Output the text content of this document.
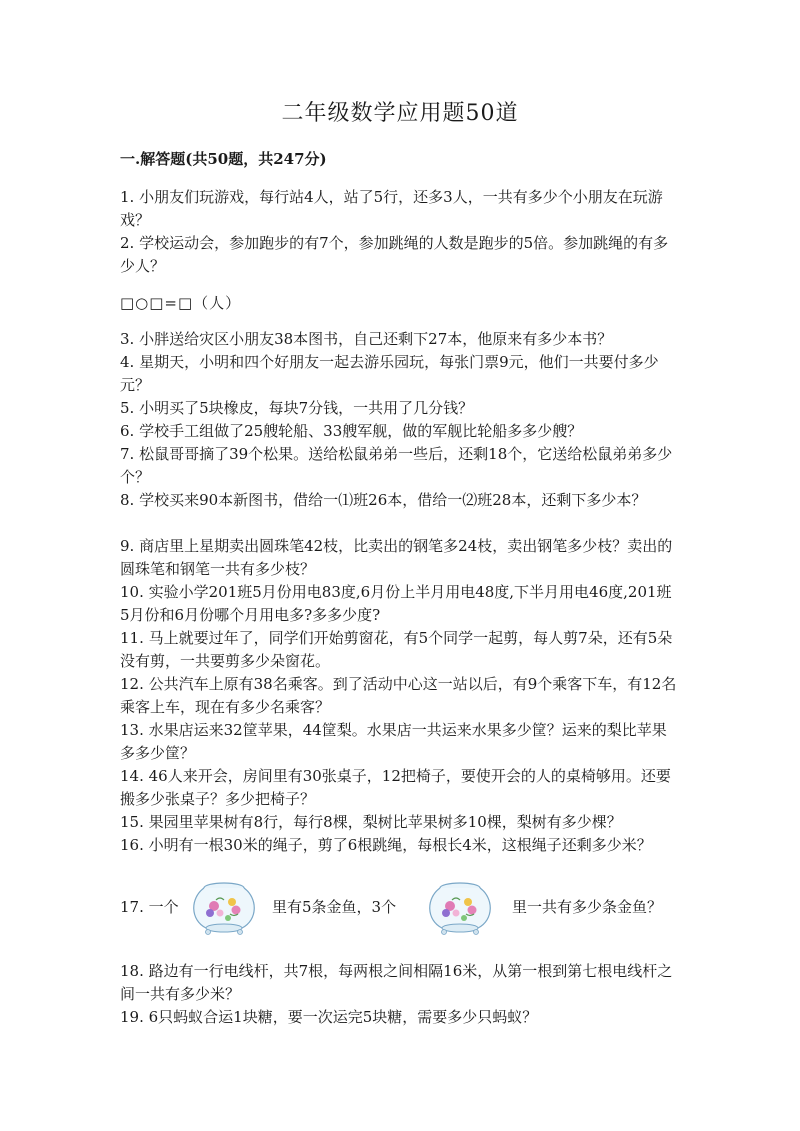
二年级数学应用题50道

一.解答题(共50题，共247分)

1. 小朋友们玩游戏，每行站4人，站了5行，还多3人，一共有多少个小朋友在玩游戏？

2. 学校运动会，参加跑步的有7个，参加跳绳的人数是跑步的5倍。参加跳绳的有多少人？

□○□=□（人）

3. 小胖送给灾区小朋友38本图书，自己还剩下27本，他原来有多少本书？

4. 星期天，小明和四个好朋友一起去游乐园玩，每张门票9元，他们一共要付多少元？

5. 小明买了5块橡皮，每块7分钱，一共用了几分钱？

6. 学校手工组做了25艘轮船、33艘军舰，做的军舰比轮船多多少艘？

7. 松鼠哥哥摘了39个松果。送给松鼠弟弟一些后，还剩18个，它送给松鼠弟弟多少个？

8. 学校买来90本新图书，借给一⑴班26本，借给一⑵班28本，还剩下多少本？

9. 商店里上星期卖出圆珠笔42枝，比卖出的钢笔多24枝，卖出钢笔多少枝？卖出的圆珠笔和钢笔一共有多少枝？

10. 实验小学201班5月份用电83度,6月份上半月用电48度,下半月用电46度,201班5月份和6月份哪个月用电多?多多少度?

11. 马上就要过年了，同学们开始剪窗花，有5个同学一起剪，每人剪7朵，还有5朵没有剪，一共要剪多少朵窗花。

12. 公共汽车上原有38名乘客。到了活动中心这一站以后，有9个乘客下车，有12名乘客上车，现在有多少名乘客？

13. 水果店运来32筐苹果，44筐梨。水果店一共运来水果多少筐？运来的梨比苹果多多少筐？

14. 46人来开会，房间里有30张桌子，12把椅子，要使开会的人的桌椅够用。还要搬多少张桌子？多少把椅子？

15. 果园里苹果树有8行，每行8棵，梨树比苹果树多10棵，梨树有多少棵？

16. 小明有一根30米的绳子，剪了6根跳绳，每根长4米，这根绳子还剩多少米？

17. 一个	里有5条金鱼，3个	里一共有多少条金鱼？

18. 路边有一行电线杆，共7根，每两根之间相隔16米，从第一根到第七根电线杆之间一共有多少米？

19. 6只蚂蚁合运1块糖，要一次运完5块糖，需要多少只蚂蚁？
